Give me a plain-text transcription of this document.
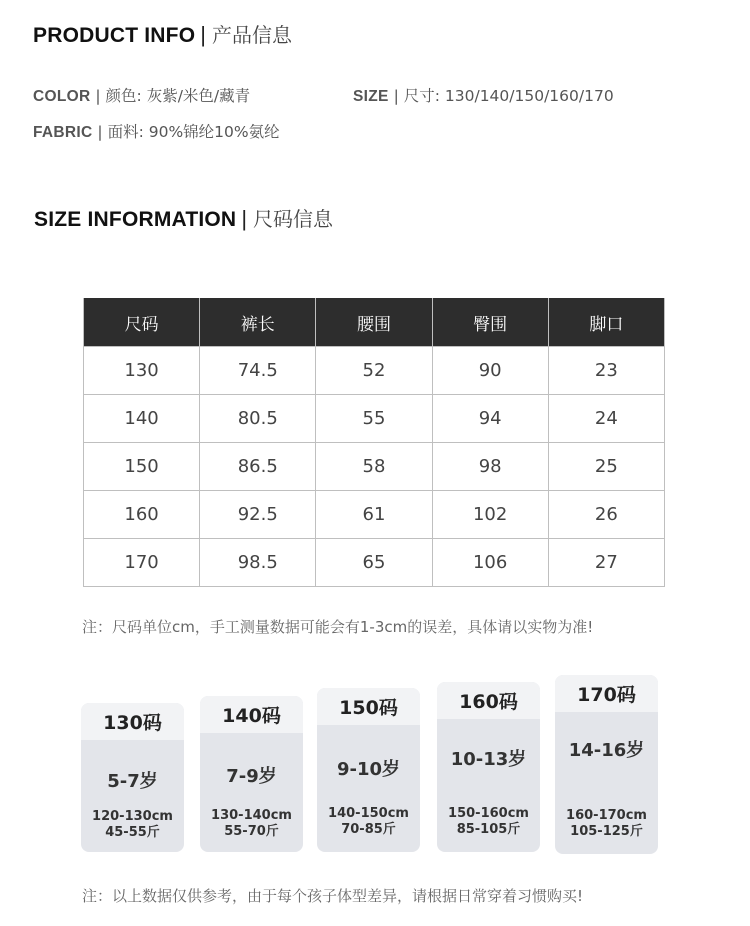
PRODUCT INFO | 产品信息
COLOR | 颜色: 灰紫/米色/藏青	SIZE | 尺寸: 130/140/150/160/170
FABRIC | 面料: 90%锦纶10%氨纶
SIZE INFORMATION | 尺码信息
尺码	裤长	腰围	臀围	脚口
130	74.5	52	90	23
140	80.5	55	94	24
150	86.5	58	98	25
160	92.5	61	102	26
170	98.5	65	106	27
注：尺码单位cm，手工测量数据可能会有1-3cm的误差，具体请以实物为准!
130码
5-7岁
120-130cm
45-55斤
140码
7-9岁
130-140cm
55-70斤
150码
9-10岁
140-150cm
70-85斤
160码
10-13岁
150-160cm
85-105斤
170码
14-16岁
160-170cm
105-125斤
注：以上数据仅供参考，由于每个孩子体型差异，请根据日常穿着习惯购买!
